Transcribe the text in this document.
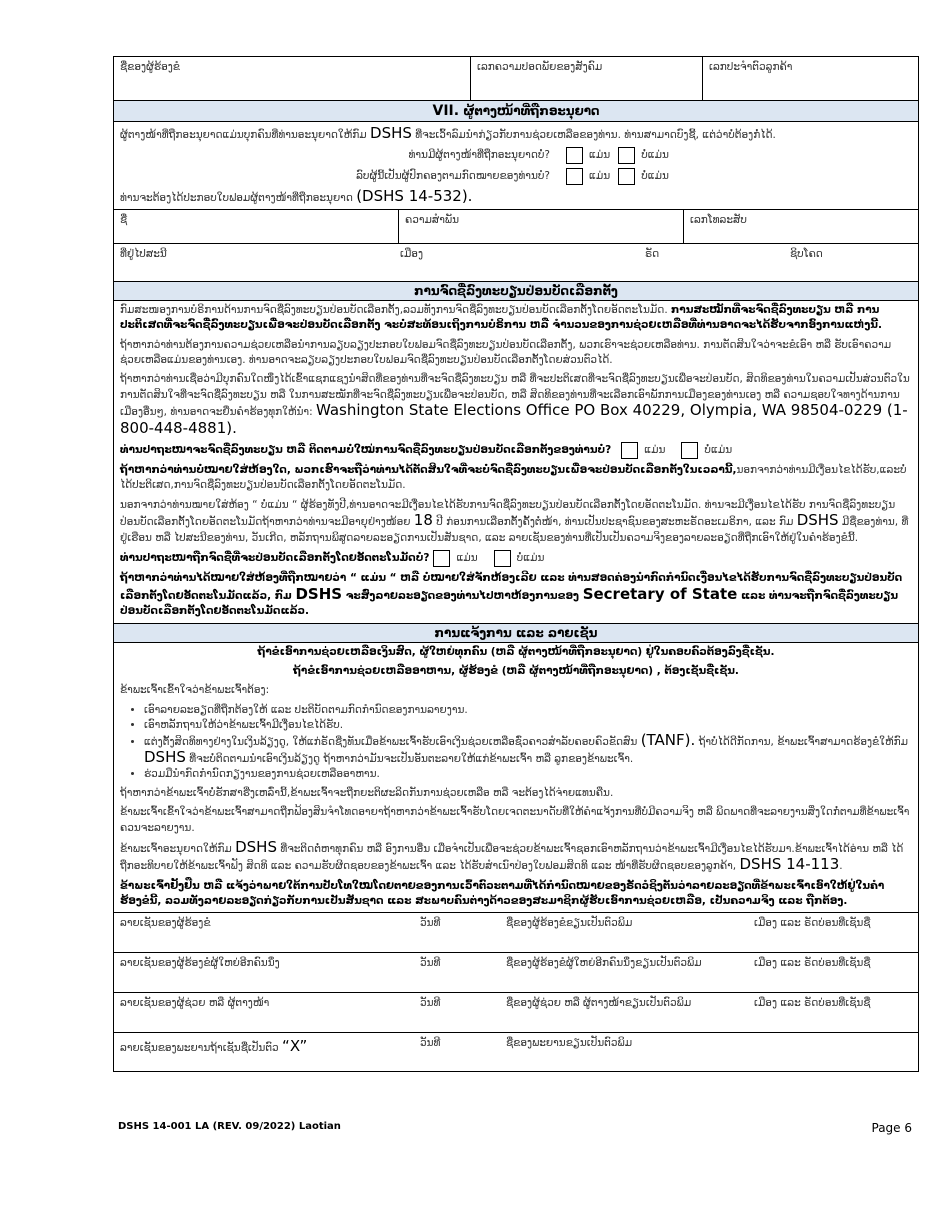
ຊື່ຂອງຜູ້ຮ້ອງຂໍ	ເລກຄວາມປອດພັຍຂອງສັງຄົມ	ເລກປະຈຳຕົວລູກຄ້າ
VII. ຜູ້ຕາງໜ້າທີ່ຖືກອະນຸຍາດ
ຜູ້ຕາງໜ້າທີ່ຖືກອະນຸຍາດແມ່ນບຸກຄົນທີ່ທ່ານອະນຸຍາດໃຫ້ກົມ DSHS ທີ່ຈະເວົ້າລົມນຳກ່ຽວກັບການຊ່ວຍເຫລືອຂອງທ່ານ. ທ່ານສາມາດບົງຊີ້, ແຕ່ວ່າບໍ່ຕ້ອງກໍ່ໄດ້.
ທ່ານມີຜູ້ຕາງໜ້າທີ່ຖືກອະນຸຍາດບໍ່?	ແມ່ນ	ບໍ່ແມ່ນ
ລົບຜູ້ນີ້ເປັນຜູ້ປົກຄອງຕາມກົດໝາຍຂອງທ່ານບໍ?	ແມ່ນ	ບໍ່ແມ່ນ
ທ່ານຈະຕ້ອງໄດ້ປະກອບໃບຟອມຜູ້ຕາງໜ້າທີ່ຖືກອະນຸຍາດ (DSHS 14-532).
ຊື່	ຄວາມສຳພັນ	ເລກໂທລະສັບ
ທີ່ຢູ່ໄປສະນີ	ເມືອງ	ຣັດ	ຊິບໂຄດ
ການຈົດຊື່ລົງທະບຽນປ່ອນບັດເລືອກຕັ້ງ
ກົມສະໜອງການບໍຣິການດ້ານການຈົດຊື່ລົງທະບຽນປ່ອນບັດເລືອກຕັ້ງ,ລວມທັງການຈົດຊື່ລົງທະບຽນປ່ອນບັດເລືອກຕັ້ງໂດຍອັດຕະໂນມັດ. ການສະໝັກທີ່ຈະຈົດຊື່ລົງທະບຽນ ຫລື ການປະຕິເສດທີ່ຈະຈົດຊື່ລົງທະບຽນເພື່ອຈະປ່ອນບັດເລືອກຕັ້ງ ຈະບໍ່ສະທ້ອນເຖິງການບໍຣິການ ຫລື ຈຳນວນຂອງການຊ່ວຍເຫລືອທີ່ທ່ານອາດຈະໄດ້ຮັບຈາກອົງການແຫ່ງນີ້.
ຖ້າຫາກວ່າທ່ານຕ້ອງການຄວາມຊ່ວຍເຫລືອນຳການລຽບລຽງປະກອບໃບຟອມຈົດຊື່ລົງທະບຽນປ່ອນບັດເລືອກຕັ້ງ, ພວກເຮົາຈະຊ່ວຍເຫລືອທ່ານ. ການຕັດສິນໃຈວ່າຈະຂໍເອົາ ຫລື ຮັບເອົາຄວາມຊ່ວຍເຫລືອແມ່ນຂອງທ່ານເອງ. ທ່ານອາດຈະລຽບລຽງປະກອບໃບຟອມຈົດຊື່ລົງທະບຽນປ່ອນບັດເລືອກຕັ້ງໂດຍສ່ວນຕົວໄດ້.
ຖ້າຫາກວ່າທ່ານເຊື່ອວ່າມີບຸກຄົນໃດໜຶ່ງໄດ້ເຂົ້າແຊກແຊງນຳສິດທີ່ຂອງທ່ານທີ່ຈະຈົດຊື່ລົງທະບຽນ ຫລື ທີ່ຈະປະຕິເສດທີ່ຈະຈົດຊື່ລົງທະບຽນເພື່ອຈະປ່ອນບັດ, ສິດທິຂອງທ່ານໃນຄວາມເປັນສ່ວນຕົວໃນການຕັດສິນໃຈທີ່ຈະຈົດຊື່ລົງທະບຽນ ຫລື ໃນການສະໝັກທີ່ຈະຈົດຊື່ລົງທະບຽນເພື່ອຈະປ່ອນບັດ, ຫລື ສິດທິຂອງທ່ານທີ່ຈະເລືອກເອົາພັກການເມືອງຂອງທ່ານເອງ ຫລື ຄວາມຊອບໃຈທາງດ້ານການເມືອງອື່ນໆ, ທ່ານອາດຈະຍື່ນຄຳຮ້ອງທຸກໃຫ້ນຳ: Washington State Elections Office PO Box 40229, Olympia, WA 98504-0229 (1-800-448-4881).
ທ່ານປາຖະໜາຈະຈົດຊື່ລົງທະບຽນ ຫລື ຕິດຕາມບໍ່ໃໝ່ການຈົດຊື່ລົງທະບຽນປ່ອນບັດເລືອກຕັ້ງຂອງທ່ານບໍ່?	ແມ່ນ	ບໍ່ແມ່ນ
ຖ້າຫາກວ່າທ່ານບໍ່ໝາຍໃສ່ຫ້ອງໃດ, ພວກເຮົາຈະຖືວ່າທ່ານໄດ້ຕັດສິນໃຈທີ່ຈະບໍ່ຈົດຊື່ລົງທະບຽນເພື່ອຈະປ່ອນບັດເລືອກຕັ້ງໃນເວລານີ້,ນອກຈາກວ່າທ່ານມີເງື່ອນໄຂໄດ້ຮັບ,ແລະບໍ່ໄດ້ປະຕິເສດ,ການຈົດຊື່ລົງທະບຽນປ່ອນບັດເລືອກຕັ້ງໂດຍອັດຕະໂນມັດ.
ນອກຈາກວ່າທ່ານໝາຍໃສ່ຫ້ອງ “ ບໍ່ແມ່ນ “ ຜູ້ຮ້ອງທັງປີ,ທ່ານອາດຈະມີເງື່ອນໄຂໄດ້ຮັບການຈົດຊື່ລົງທະບຽນປ່ອນບັດເລືອກຕັ້ງໂດຍອັດຕະໂນມັດ. ທ່ານຈະມີເງື່ອນໄຂໄດ້ຮັບ ການຈົດຊື່ລົງທະບຽນປ່ອນບັດເລືອກຕັ້ງໂດຍອັດຕະໂນມັດຖ້າຫາກວ່າທ່ານຈະມີອາຍຸຢ່າງໜ້ອຍ 18 ປີ ກ່ອນການເລືອກຕັ້ງຄັ້ງຕໍ່ໜ້າ, ທ່ານເປັນປະຊາຊົນຂອງສະຫະຣັດອະເມຣິກາ, ແລະ ກົມ DSHS ມີຊື່ຂອງທ່ານ, ທີ່ຢູ່ເຮືອນ ຫລື ໄປສະນີຂອງທ່ານ, ວັນເກີດ, ຫລັກຖານພິສູດລາຍລະອຽດການເປັນສັນຊາດ, ແລະ ລາຍເຊັນຂອງທ່ານທີ່ເປັນເປັນຄວາມຈິງຂອງລາຍລະອຽດທີ່ຖືກເອົາໃຫ້ຢູ່ໃນຄຳຮ້ອງຂໍນີ້.
ທ່ານປາຖະໜາຖືກຈົດຊື່ທີ່ຈະປ່ອນບັດເລືອກຕັ້ງໂດຍອັດຕະໂນມັດບໍ່?	ແມ່ນ	ບໍ່ແມ່ນ
ຖ້າຫາກວ່າທ່ານໄດ້ໝາຍໃສ່ຫ້ອງທີ່ຖືກໝາຍວ່າ “ ແມ່ນ “ ຫລື ບໍ່ໝາຍໃສ່ຈັກຫ້ອງເລີຍ ແລະ ທ່ານສອດຄ່ອງນຳກົດກຳນົດເງື່ອນໄຂໄດ້ຮັບການຈົດຊື່ລົງທະບຽນປ່ອນບັດເລືອກຕັ້ງໂດຍອັດຕະໂນມັດແລ້ວ, ກົມ DSHS ຈະສົ່ງລາຍລະອຽດຂອງທ່ານໄປຫາຫ້ອງການຂອງ Secretary of State ແລະ ທ່ານຈະຖືກຈົດຊື່ລົງທະບຽນປ່ອນບັດເລືອກຕັ້ງໂດຍອັດຕະໂນມັດແລ້ວ.
ການແຈ້ງການ ແລະ ລາຍເຊັນ
ຖ້າຂໍເອົາການຊ່ວຍເຫລືອເງິນສົດ, ຜູ້ໃຫຍ່ທຸກຄົນ (ຫລື ຜູ້ຕາງໜ້າທີ່ຖືກອະນຸຍາດ) ຢູ່ໃນຄອບຄົວຕ້ອງລົງຊື່ເຊັນ.
ຖ້າຂໍເອົາການຊ່ວຍເຫລືອອາຫານ, ຜູ້ຮ້ອງຂໍ (ຫລື ຜູ້ຕາງໜ້າທີ່ຖືກອະນຸຍາດ) , ຕ້ອງເຊັນຊື່ເຊັນ.
ຂ້າພະເຈົ້າເຂົ້າໃຈວ່າຂ້າພະເຈົ້າຕ້ອງ:
• ເອົາລາຍລະອຽດທີ່ຖືກຕ້ອງໃຫ້ ແລະ ປະຕິບັດຕາມກົດກຳນົດຂອງການລາຍງານ.
• ເອົາຫລັກຖານໃຫ້ວ່າຂ້າພະເຈົ້າມີເງື່ອນໄຂໄດ້ຮັບ.
• ແຕ່ງຕັ້ງສິດທິທາງຢ່າງໃນເງິນລ້ຽງດູ, ໃຫ້ແກ່ຣັດຊີ່ງທັນເມື່ອຂ້າພະເຈົ້າຮັບເອົາເງິນຊ່ວຍເຫລືອຊົ່ວຄາວສຳລັບຄອບຄົວຂັດສົນ (TANF). ຖ້າບໍ່ໄດ້ດີກັດການ, ຂ້າພະເຈົ້າສາມາດຮ້ອງຂໍໃຫ້ກົມ DSHS ທີ່ຈະບໍ່ຕິດຕາມນຳເອົາເງິນລ້ຽງດູ ຖ້າຫາກວ່າມັນຈະເປັນອັນຕະລາຍໃຫ້ແກ່ຂ້າພະເຈົ້າ ຫລື ລູກຂອງຂ້າພະເຈົ້າ.
• ຮ່ວມມືນຳກົດກຳນົດກຽງານຂອງການຊ່ວຍເຫລືອອາຫານ.
ຖ້າຫາກວ່າຂ້າພະເຈົ້າບໍ່ຮັກສາຮີ່ງເຫລົ່ານີ້,ຂ້າພະເຈົ້າຈະຖືກຍະຕິຜະລິດກັນການຊ່ວຍເຫລືອ ຫລື ຈະຕ້ອງໄດ້ຈ່າຍແທນຄືນ.
ຂ້າພະເຈົ້າເຂົ້າໃຈວ່າຂ້າພະເຈົ້າສາມາດຖືກຟ້ອງສິນຈຳໂທດອາຍາຖ້າຫາກວ່າຂ້າພະເຈົ້າຮັບໂດຍເຈດຕະນາດັບທີ່ໃຫ້ຄຳແຈ້ງການທີ່ບໍ່ມີຄວາມຈິງ ຫລື ພິດພາດທີ່ຈະລາຍງານສິ່ງໃດກໍ່ຕາມທີ່ຂ້າພະເຈົ້າຄວນຈະລາຍງານ.
ຂ້າພະເຈົ້າອະນຸຍາດໃຫ້ກົມ DSHS ທີ່ຈະຕິດຕໍ່ຫາທຸກຄົນ ຫລື ອົງການອື່ນ ເມື່ອຈຳເປັນເພື່ອຈະຊ່ວຍຂ້າພະເຈົ້າຊອກເອົາຫລັກຖານວ່າຂ້າພະເຈົ້າມີເງື່ອນໄຂໄດ້ຮັບມາ.ຂ້າພະເຈົ້າໄດ້ອ່ານ ຫລື ໄດ້ຖືກອະທິບາຍໃຫ້ຂ້າພະເຈົ້າຟັງ ສິດທິ ແລະ ຄວາມຮັບຜິດຊອບຂອງຂ້າພະເຈົ້າ ແລະ ໄດ້ຮັບສຳເນົາປ່ອງໃບຟອມສິດທິ ແລະ ໜ້າທີ່ຮັບຜິດຊອບຂອງລູກຄ້າ, DSHS 14-113.
ຂ້າພະເຈົ້າຢັ້ງຢືນ ຫລື ແຈ້ງວ່າພາຍໃຕ້ການປັບໂທໃໝໂດຍຕາຍຂອງການເວົ້າຕົວະຕາມທີ່ໄດ້ກຳນົດໝາຍຂອງຣັດວໍຊິງຕັນວ່າລາຍລະອຽດທີ່ຂ້າພະເຈົ້າເອົາໃຫ້ຢູ່ໃນຄຳຮ້ອງຂໍນີ້, ລວມທັງລາຍລະອຽດກ່ຽວກັບການເປັນສັນຊາດ ແລະ ສະພາບຄົນຕ່າງດ້າວຂອງສະມາຊິກຜູ້ຮັບເອົາການຊ່ວຍເຫລືອ, ເປັນຄວາມຈິງ ແລະ ຖືກຕ້ອງ.
ລາຍເຊັນຂອງຜູ້ຮ້ອງຂໍ	ວັນທີ	ຊື່ຂອງຜູ້ຮ້ອງຂໍຂຽນເປັນຕົວພິມ	ເມືອງ ແລະ ຣັດບ່ອນທີ່ເຊັນຊື່
ລາຍເຊັນຂອງຜູ້ຮ້ອງຂໍຜູ້ໃຫຍ່ອີກຄົນນຶ່ງ	ວັນທີ	ຊື່ຂອງຜູ້ຮ້ອງຂໍຜູ້ໃຫຍ່ອີກຄົນນຶ່ງຂຽນເປັນຕົວພິມ	ເມືອງ ແລະ ຣັດບ່ອນທີ່ເຊັນຊື່
ລາຍເຊັນຂອງຜູ້ຊ່ວຍ ຫລື ຜູ້ຕາງໜ້າ	ວັນທີ	ຊື່ຂອງຜູ້ຊ່ວຍ ຫລື ຜູ້ຕາງໜ້າຂຽນເປັນຕົວພິມ	ເມືອງ ແລະ ຣັດບ່ອນທີ່ເຊັນຊື່
ລາຍເຊັນຂອງພະຍານຖ້າເຊັນຊື່ເປັນຕົວ “X”	ວັນທີ	ຊື່ຂອງພະຍານຂຽນເປັນຕົວພິມ
DSHS 14-001 LA (REV. 09/2022) Laotian	Page 6
